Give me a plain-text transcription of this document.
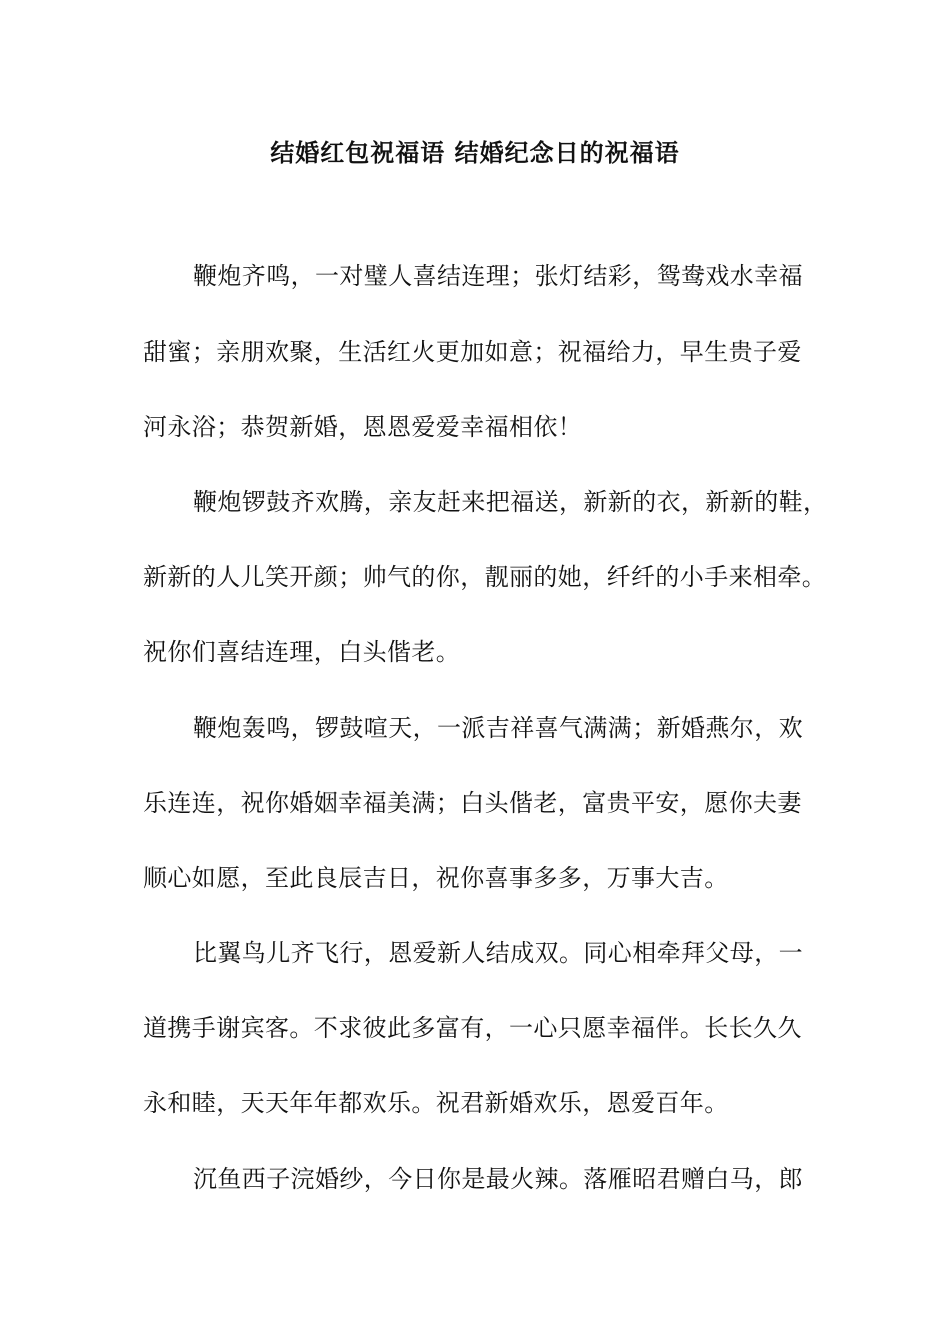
结婚红包祝福语 结婚纪念日的祝福语
鞭炮齐鸣，一对璧人喜结连理；张灯结彩，鸳鸯戏水幸福
甜蜜；亲朋欢聚，生活红火更加如意；祝福给力，早生贵子爱
河永浴；恭贺新婚，恩恩爱爱幸福相依！
鞭炮锣鼓齐欢腾，亲友赶来把福送，新新的衣，新新的鞋，
新新的人儿笑开颜；帅气的你，靓丽的她，纤纤的小手来相牵。
祝你们喜结连理，白头偕老。
鞭炮轰鸣，锣鼓喧天，一派吉祥喜气满满；新婚燕尔，欢
乐连连，祝你婚姻幸福美满；白头偕老，富贵平安，愿你夫妻
顺心如愿，至此良辰吉日，祝你喜事多多，万事大吉。
比翼鸟儿齐飞行，恩爱新人结成双。同心相牵拜父母，一
道携手谢宾客。不求彼此多富有，一心只愿幸福伴。长长久久
永和睦，天天年年都欢乐。祝君新婚欢乐，恩爱百年。
沉鱼西子浣婚纱，今日你是最火辣。落雁昭君赠白马，郎
